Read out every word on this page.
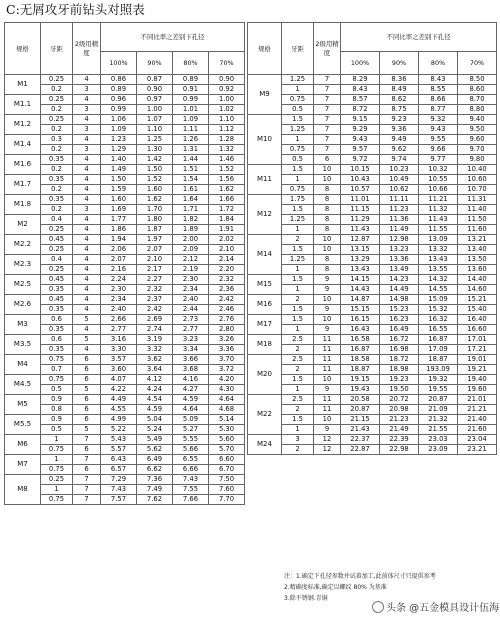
C:无屑攻牙前钻头对照表
规格	牙距	2级用精度	不同比率之差别下孔径			
			100%	90%	80%	70%
M1	0.25	4	0.86	0.87	0.89	0.90
	0.2	3	0.89	0.90	0.91	0.92
M1.1	0.25	4	0.96	0.97	0.99	1.00
	0.2	3	0.99	1.00	1.01	1.02
M1.2	0.25	4	1.06	1.07	1.09	1.10
	0.2	3	1.09	1.10	1.11	1.12
M1.4	0.3	4	1.23	1.25	1.26	1.28
	0.2	3	1.29	1.30	1.31	1.32
M1.6	0.35	4	1.40	1.42	1.44	1.46
	0.2	4	1.49	1.50	1.51	1.52
M1.7	0.35	4	1.50	1.52	1.54	1.56
	0.2	4	1.59	1.60	1.61	1.62
M1.8	0.35	4	1.60	1.62	1.64	1.66
	0.2	3	1.69	1.70	1.71	1.72
M2	0.4	4	1.77	1.80	1.82	1.84
	0.25	4	1.86	1.87	1.89	1.91
M2.2	0.45	4	1.94	1.97	2.00	2.02
	0.25	4	2.06	2.07	2.09	2.10
M2.3	0.4	4	2.07	2.10	2.12	2.14
	0.25	4	2.16	2.17	2.19	2.20
M2.5	0.45	4	2.24	2.27	2.30	2.32
	0.35	4	2.30	2.32	2.34	2.36
M2.6	0.45	4	2.34	2.37	2.40	2.42
	0.35	4	2.40	2.42	2.44	2.46
M3	0.6	5	2.66	2.69	2.73	2.76
	0.35	4	2.77	2.74	2.77	2.80
M3.5	0.6	5	3.16	3.19	3.23	3.26
	0.35	4	3.30	3.32	3.34	3.36
M4	0.75	6	3.57	3.62	3.66	3.70
	0.7	6	3.60	3.64	3.68	3.72
M4.5	0.75	6	4.07	4.12	4.16	4.20
	0.5	5	4.22	4.24	4.27	4.30
M5	0.9	6	4.49	4.54	4.59	4.64
	0.8	6	4.55	4.59	4.64	4.68
M5.5	0.9	6	4.99	5.04	5.09	5.14
	0.5	5	5.22	5.24	5.27	5.30
M6	1	7	5.43	5.49	5.55	5.60
	0.75	6	5.57	5.62	5.66	5.70
M7	1	7	6.43	6.49	6.55	6.60
	0.75	6	6.57	6.62	6.66	6.70
M8	0.25	7	7.29	7.36	7.43	7.50
	1	7	7.43	7.49	7.55	7.60
	0.75	7	7.57	7.62	7.66	7.70
规格	牙距	2级用精度	不同比率之差别下孔径			
			100%	90%	80%	70%
M9	1.25	7	8.29	8.36	8.43	8.50
	1	7	8.43	8.49	8.55	8.60
	0.75	7	8.57	8.62	8.66	8.70
	0.5	7	8.72	8.75	8.77	8.80
M10	1.5	7	9.15	9.23	9.32	9.40
	1.25	7	9.29	9.36	9.43	9.50
	1	7	9.43	9.49	9.55	9.60
	0.75	7	9.57	9.62	9.66	9.70
	0.5	6	9.72	9.74	9.77	9.80
M11	1.5	10	10.15	10.23	10.32	10.40
	1	10	10.43	10.49	10.55	10.60
	0.75	8	10.57	10.62	10.66	10.70
M12	1.75	8	11.01	11.11	11.21	11.31
	1.5	8	11.15	11.23	11.32	11.40
	1.25	8	11.29	11.36	11.43	11.50
	1	8	11.43	11.49	11.55	11.60
M14	2	10	12.87	12.98	13.09	13.21
	1.5	10	13.15	13.23	13.32	13.40
	1.25	8	13.29	13.36	13.43	13.50
	1	8	13.43	13.49	13.55	13.60
M15	1.5	9	14.15	14.23	14.32	14.40
	1	9	14.43	14.49	14.55	14.60
M16	2	10	14.87	14.98	15.09	15.21
	1.5	9	15.15	15.23	15.32	15.40
M17	1.5	10	16.15	16.23	16.32	16.40
	1	9	16.43	16.49	16.55	16.60
M18	2.5	11	16.58	16.72	16.87	17.01
	2	11	16.87	16.98	17.09	17.21
M20	2.5	11	18.58	18.72	18.87	19.01
	2	11	18.87	18.98	193.09	19.21
	1.5	10	19.15	19.23	19.32	19.40
	1	9	19.43	19.50	19.55	19.60
M22	2.5	11	20.58	20.72	20.87	21.01
	2	11	20.87	20.98	21.09	21.21
	1.5	10	21.15	21.23	21.32	21.40
	1	9	21.43	21.49	21.55	21.60
M24	3	12	22.37	22.39	23.03	23.04
	2	12	22.87	22.98	23.09	23.21
注：1.确定下孔径参数并试着加工,此前体尺寸只提供参考
2.精确度标准,确定以螺纹 80% 为基准
3.除不锈钢.青铜
头条 @五金模具设计伍海
